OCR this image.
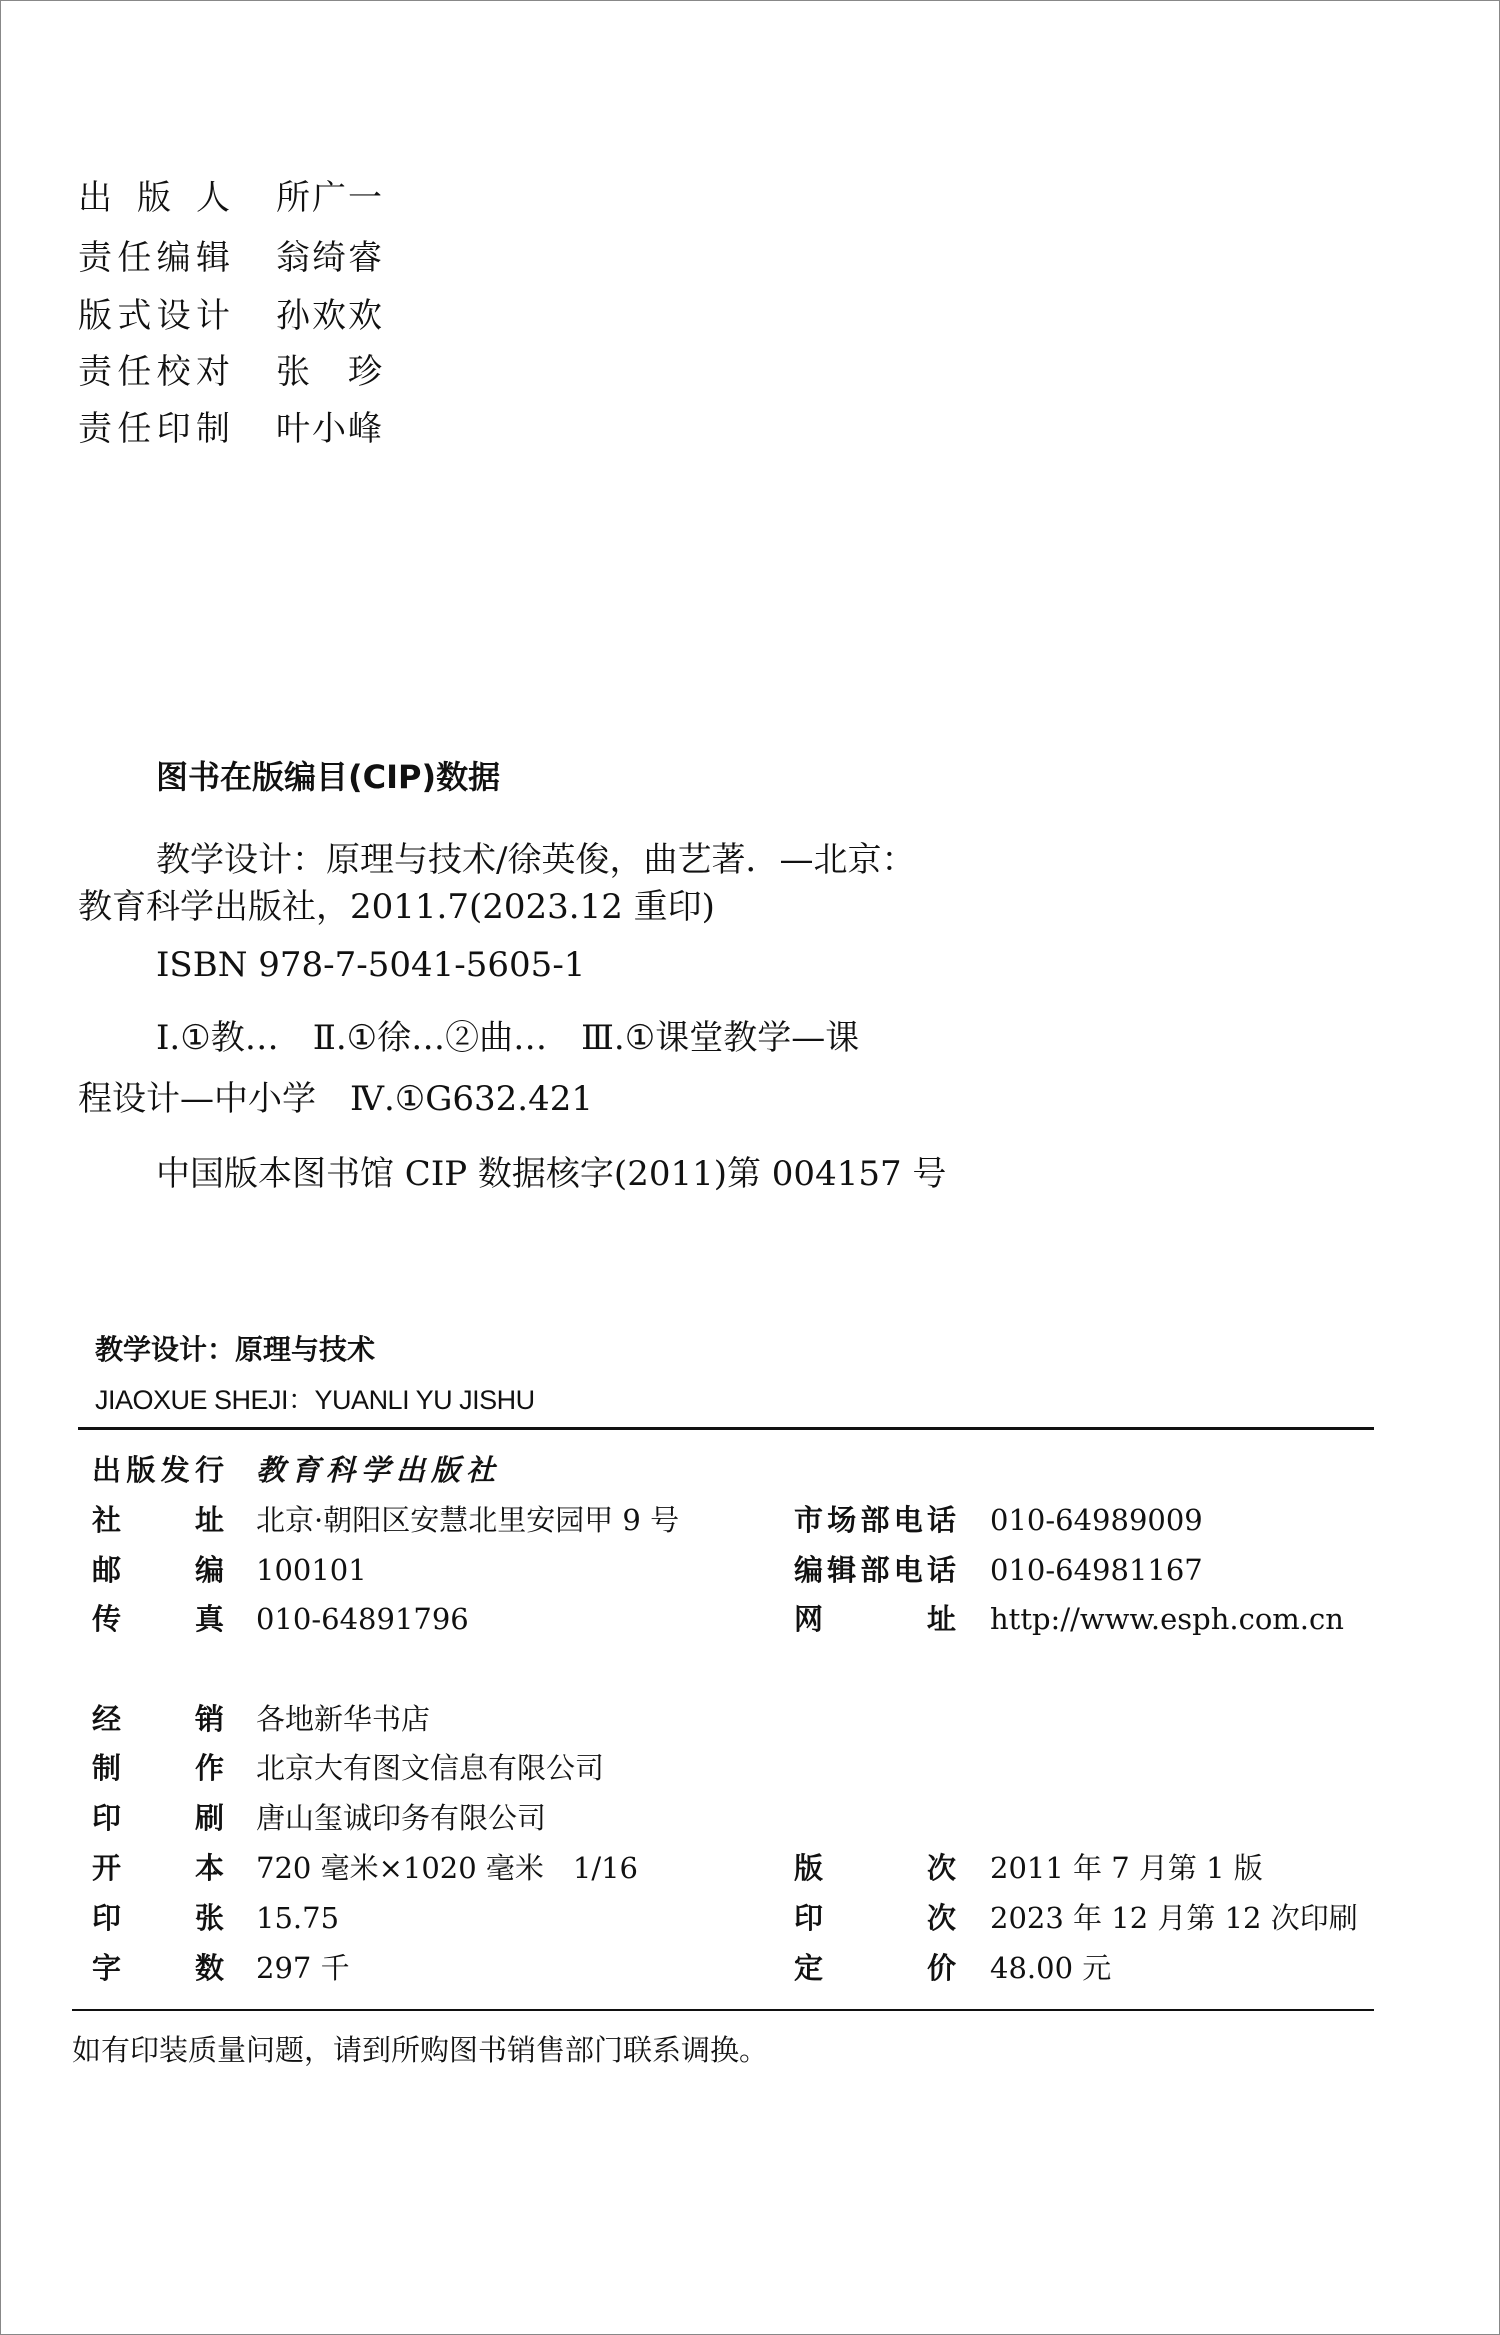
出版人 所广一
责任编辑 翁绮睿
版式设计 孙欢欢
责任校对 张　珍
责任印制 叶小峰
图书在版编目(CIP)数据
教学设计：原理与技术/徐英俊，曲艺著．—北京：
教育科学出版社，2011.7(2023.12 重印)
ISBN 978-7-5041-5605-1
Ⅰ.①教…　Ⅱ.①徐…②曲…　Ⅲ.①课堂教学—课
程设计—中小学　Ⅳ.①G632.421
中国版本图书馆 CIP 数据核字(2011)第 004157 号
教学设计：原理与技术
JIAOXUE SHEJI：YUANLI YU JISHU
出版发行 教育科学出版社
社址 北京·朝阳区安慧北里安园甲 9 号	市场部电话 010-64989009
邮编 100101	编辑部电话 010-64981167
传真 010-64891796	网址 http://www.esph.com.cn
经销 各地新华书店
制作 北京大有图文信息有限公司
印刷 唐山玺诚印务有限公司
开本 720 毫米×1020 毫米　1/16	版次 2011 年 7 月第 1 版
印张 15.75	印次 2023 年 12 月第 12 次印刷
字数 297 千	定价 48.00 元
如有印装质量问题，请到所购图书销售部门联系调换。
